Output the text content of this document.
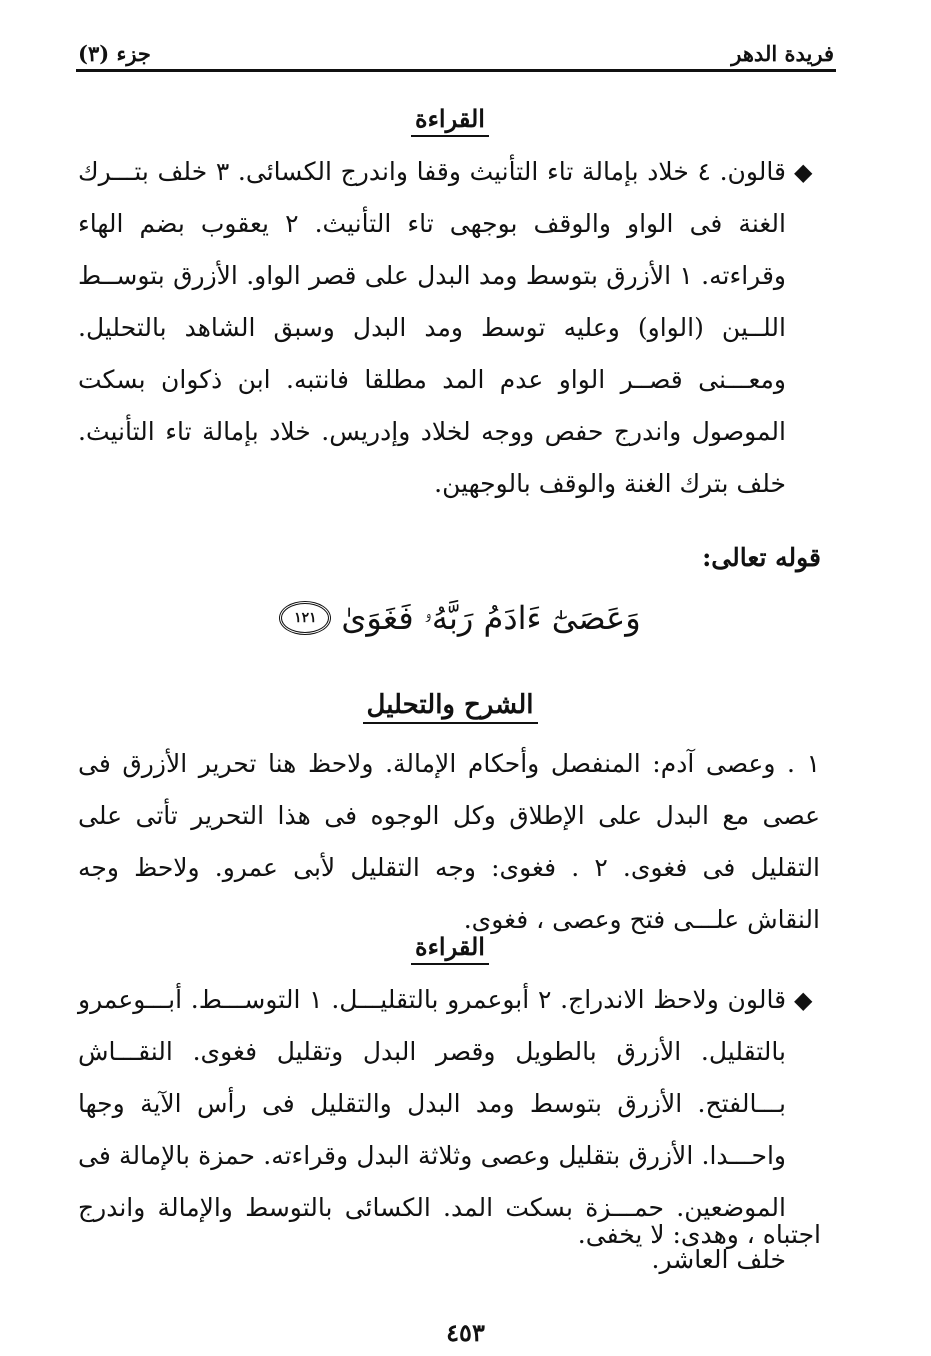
فريدة الدهر
جزء (٣)
القراءة
◆

قالون. ٤ خلاد بإمالة تاء التأنيث وقفا واندرج الكسائى. ٣ خلف بتـــرك الغنة فى الواو والوقف بوجهى تاء التأنيث. ٢ يعقوب بضم الهاء وقراءته. ١ الأزرق بتوسط ومد البدل على قصر الواو. الأزرق بتوســط اللــين (الواو) وعليه توسط ومد البدل وسبق الشاهد بالتحليل. ومعـــنى قصــر الواو عدم المد مطلقا فانتبه. ابن ذكوان بسكت الموصول واندرج حفص ووجه لخلاد وإدريس. خلاد بإمالة تاء التأنيث. خلف بترك الغنة والوقف بالوجهين.

قوله تعالى:
وَعَصَىٰٓ ءَادَمُ رَبَّهُۥ فَغَوَىٰ
١٢١
الشرح والتحليل

١ . وعصى آدم: المنفصل وأحكام الإمالة. ولاحظ هنا تحرير الأزرق فى عصى مع البدل على الإطلاق وكل الوجوه فى هذا التحرير تأتى على التقليل فى فغوى. ٢ . فغوى: وجه التقليل لأبى عمرو. ولاحظ وجه النقاش علـــى فتح وعصى ، فغوى.

القراءة
◆

قالون ولاحظ الاندراج. ٢ أبوعمرو بالتقليـــل. ١ التوســـط. أبـــوعمرو بالتقليل. الأزرق بالطويل وقصر البدل وتقليل فغوى. النقـــاش بـــالفتح. الأزرق بتوسط ومد البدل والتقليل فى رأس الآية وجها واحـــدا. الأزرق بتقليل وعصى وثلاثة البدل وقراءته. حمزة بالإمالة فى الموضعين. حمـــزة بسكت المد. الكسائى بالتوسط والإمالة واندرج خلف العاشر.

اجتباه ، وهدى: لا يخفى.
٤٥٣
